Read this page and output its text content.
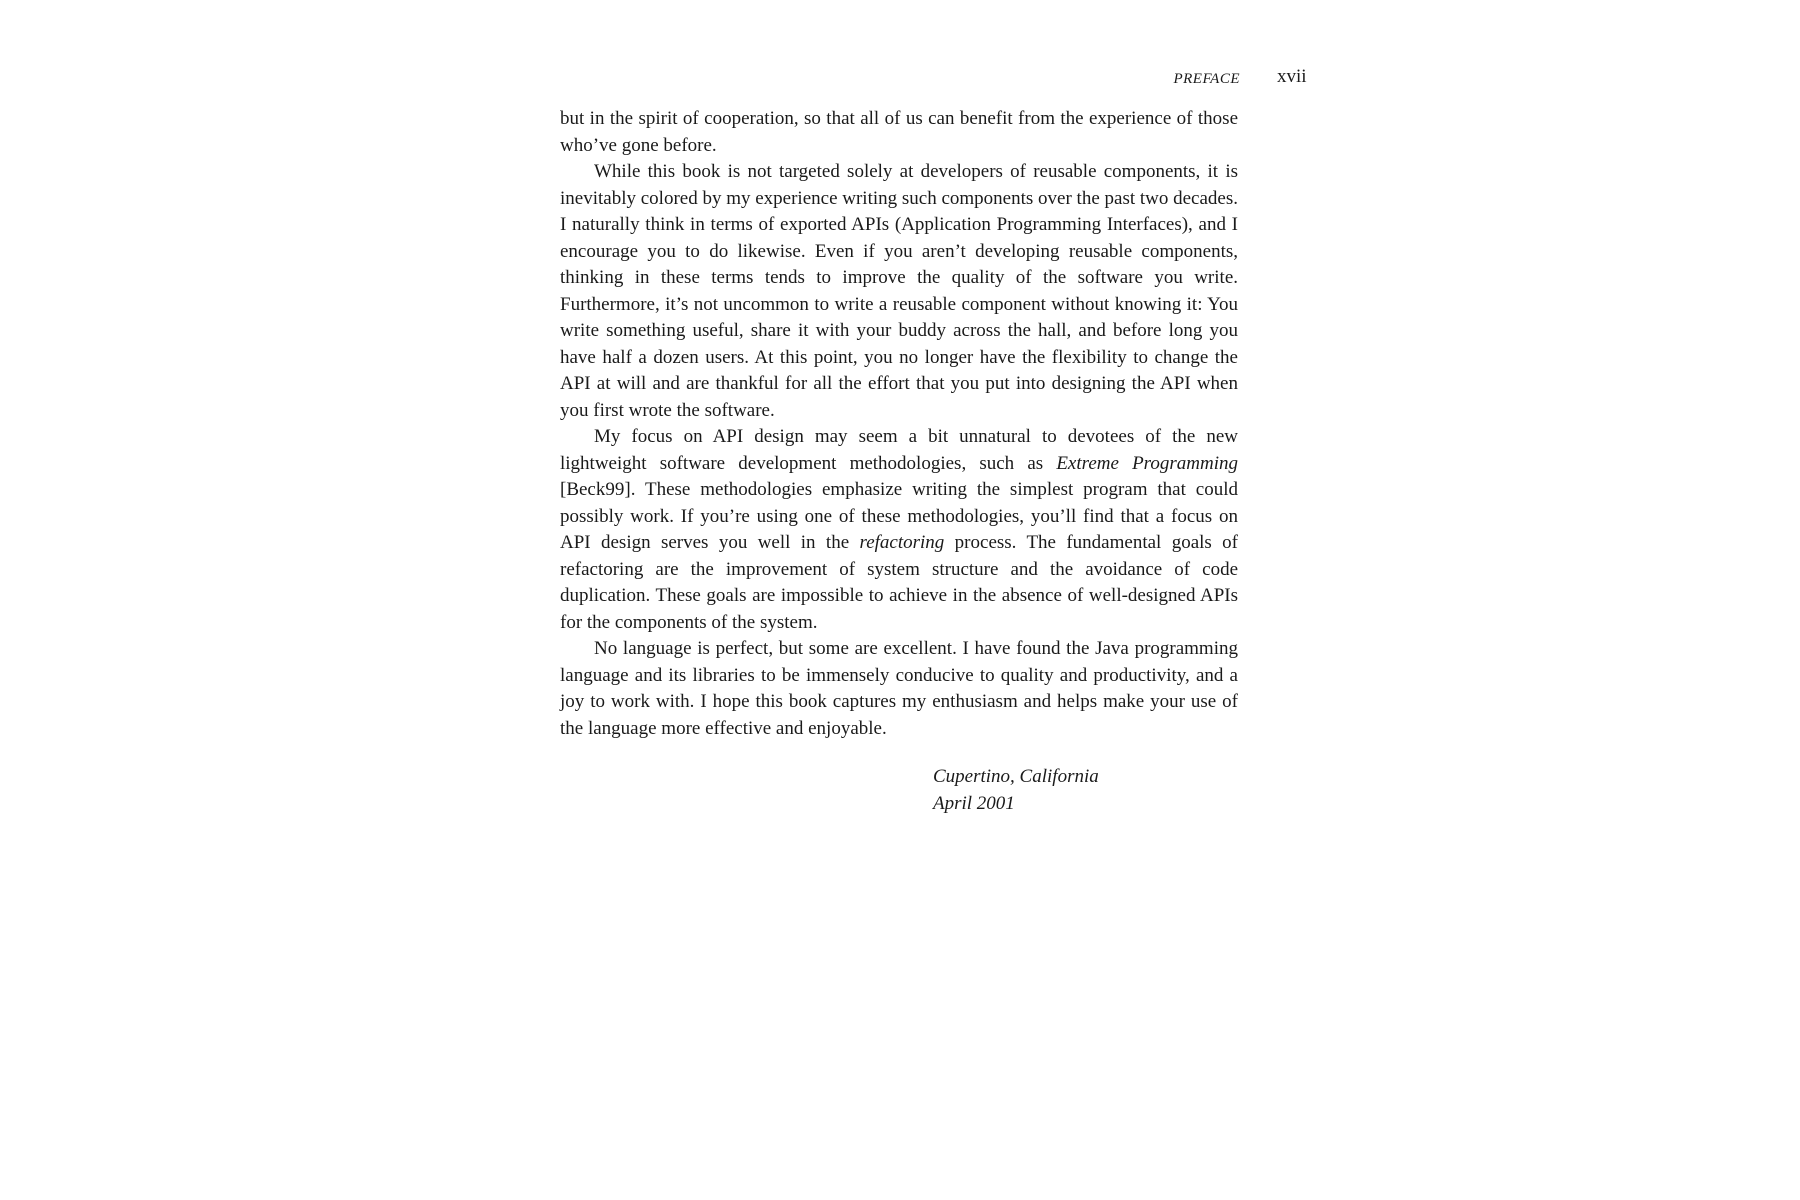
PREFACE xvii

but in the spirit of cooperation, so that all of us can benefit from the experience of those who’ve gone before.

While this book is not targeted solely at developers of reusable components, it is inevitably colored by my experience writing such components over the past two decades. I naturally think in terms of exported APIs (Application Programming Interfaces), and I encourage you to do likewise. Even if you aren’t developing reusable components, thinking in these terms tends to improve the quality of the software you write. Furthermore, it’s not uncommon to write a reusable component without knowing it: You write something useful, share it with your buddy across the hall, and before long you have half a dozen users. At this point, you no longer have the flexibility to change the API at will and are thankful for all the effort that you put into designing the API when you first wrote the software.

My focus on API design may seem a bit unnatural to devotees of the new lightweight software development methodologies, such as Extreme Programming [Beck99]. These methodologies emphasize writing the simplest program that could possibly work. If you’re using one of these methodologies, you’ll find that a focus on API design serves you well in the refactoring process. The fundamental goals of refactoring are the improvement of system structure and the avoidance of code duplication. These goals are impossible to achieve in the absence of well-designed APIs for the components of the system.

No language is perfect, but some are excellent. I have found the Java programming language and its libraries to be immensely conducive to quality and productivity, and a joy to work with. I hope this book captures my enthusiasm and helps make your use of the language more effective and enjoyable.

Cupertino, California
April 2001
